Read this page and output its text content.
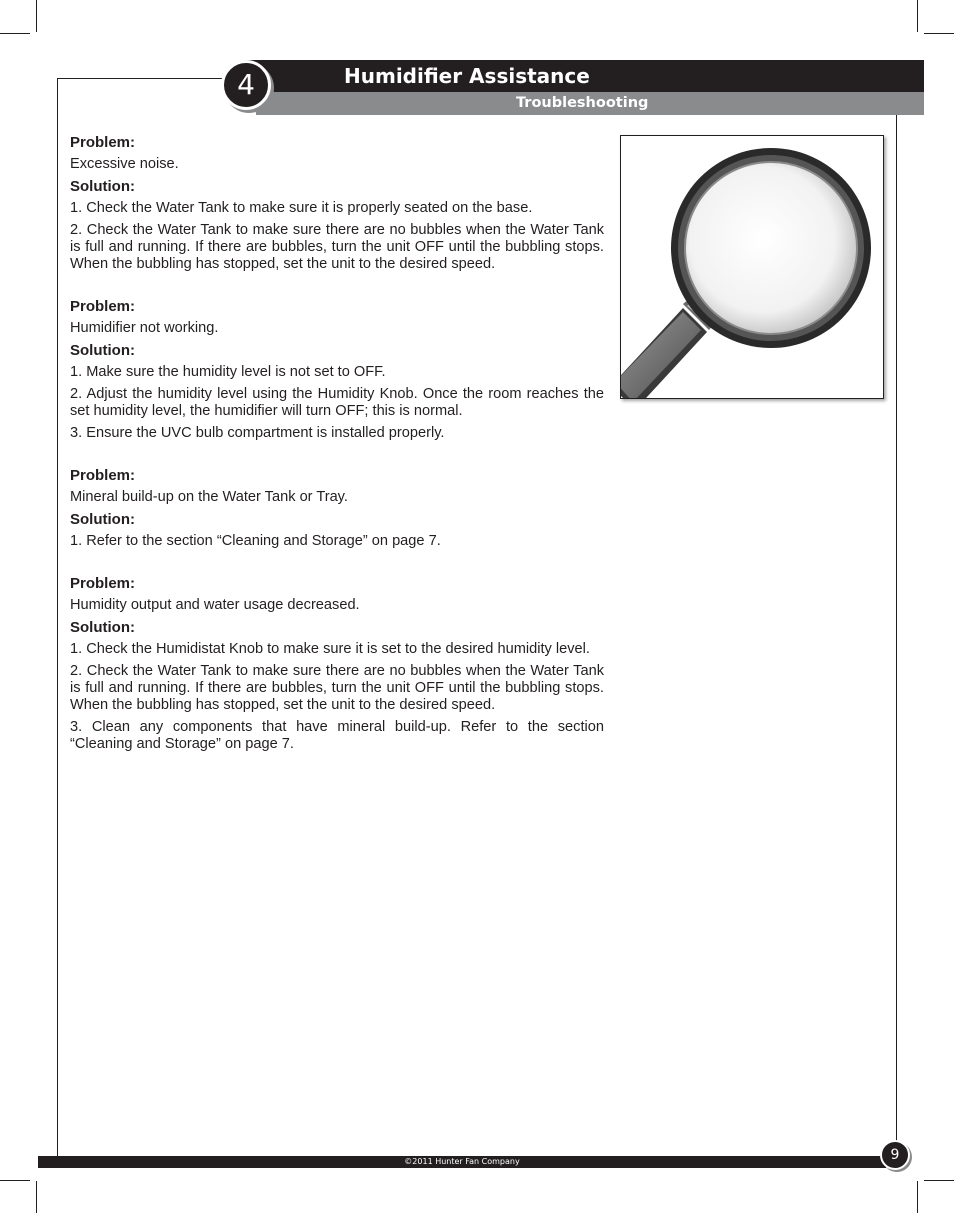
Humidifier Assistance
Troubleshooting
4
Problem:
Excessive noise.
Solution:
1. Check the Water Tank to make sure it is properly seated on the base.
2. Check the Water Tank to make sure there are no bubbles when the Water Tank is full and running. If there are bubbles, turn the unit OFF until the bubbling stops. When the bubbling has stopped, set the unit to the desired speed.
Problem:
Humidifier not working.
Solution:
1. Make sure the humidity level is not set to OFF.
2. Adjust the humidity level using the Humidity Knob. Once the room reaches the set humidity level, the humidifier will turn OFF; this is normal.
3. Ensure the UVC bulb compartment is installed properly.
Problem:
Mineral build-up on the Water Tank or Tray.
Solution:
1. Refer to the section “Cleaning and Storage” on page 7.
Problem:
Humidity output and water usage decreased.
Solution:
1. Check the Humidistat Knob to make sure it is set to the desired humidity level.
2. Check the Water Tank to make sure there are no bubbles when the Water Tank is full and running. If there are bubbles, turn the unit OFF until the bubbling stops. When the bubbling has stopped, set the unit to the desired speed.
3. Clean any components that have mineral build-up. Refer to the section “Cleaning and Storage” on page 7.
©2011 Hunter Fan Company	9
